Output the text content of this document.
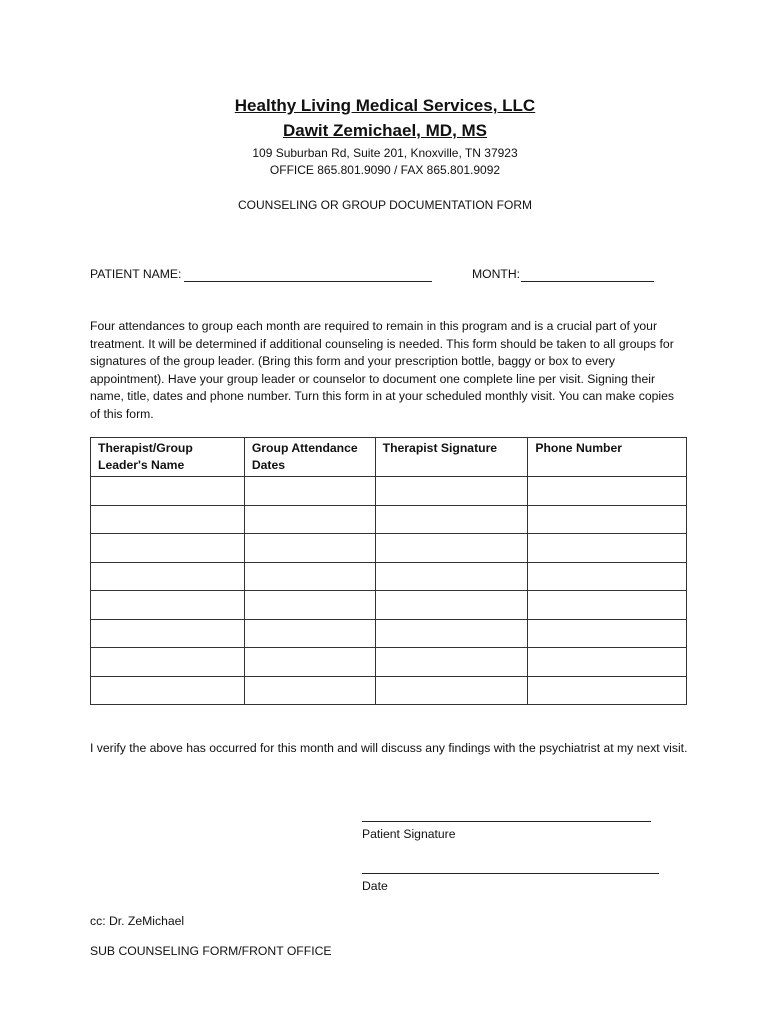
Healthy Living Medical Services, LLC
Dawit Zemichael, MD, MS
109 Suburban Rd, Suite 201, Knoxville, TN 37923
OFFICE 865.801.9090 / FAX 865.801.9092
COUNSELING OR GROUP DOCUMENTATION FORM
PATIENT NAME:	MONTH:
Four attendances to group each month are required to remain in this program and is a crucial part of your treatment. It will be determined if additional counseling is needed. This form should be taken to all groups for signatures of the group leader. (Bring this form and your prescription bottle, baggy or box to every appointment). Have your group leader or counselor to document one complete line per visit. Signing their name, title, dates and phone number. Turn this form in at your scheduled monthly visit. You can make copies of this form.
Therapist/Group Leader's Name	Group Attendance Dates	Therapist Signature	Phone Number

I verify the above has occurred for this month and will discuss any findings with the psychiatrist at my next visit.
Patient Signature
Date
cc: Dr. ZeMichael
SUB COUNSELING FORM/FRONT OFFICE
